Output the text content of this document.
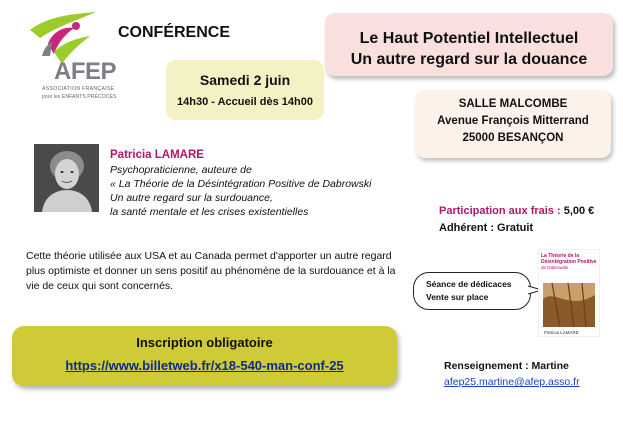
AFEP
ASSOCIATION FRANÇAISE
pour les ENFANTS PRÉCOCES
CONFÉRENCE	Le Haut Potentiel Intellectuel
Un autre regard sur la douance
Samedi 2 juin
14h30 - Accueil dès 14h00	SALLE MALCOMBE
Avenue François Mitterrand
25000 BESANÇON
Patricia LAMARE
Psychopraticienne, auteure de
« La Théorie de la Désintégration Positive de Dabrowski
Un autre regard sur la surdouance,
la santé mentale et les crises existentielles	Participation aux frais : 5,00 €
Adhérent : Gratuit
Cette théorie utilisée aux USA et au Canada permet d'apporter un autre regard plus optimiste et donner un sens positif au phénomène de la surdouance et à la vie de ceux qui sont concernés.	Séance de dédicaces
Vente sur place
La Théorie de la
Désintégration Positive
de Dabrowski
Patricia LAMARE
Inscription obligatoire
https://www.billetweb.fr/x18-540-man-conf-25	Renseignement : Martine
afep25.martine@afep.asso.fr
